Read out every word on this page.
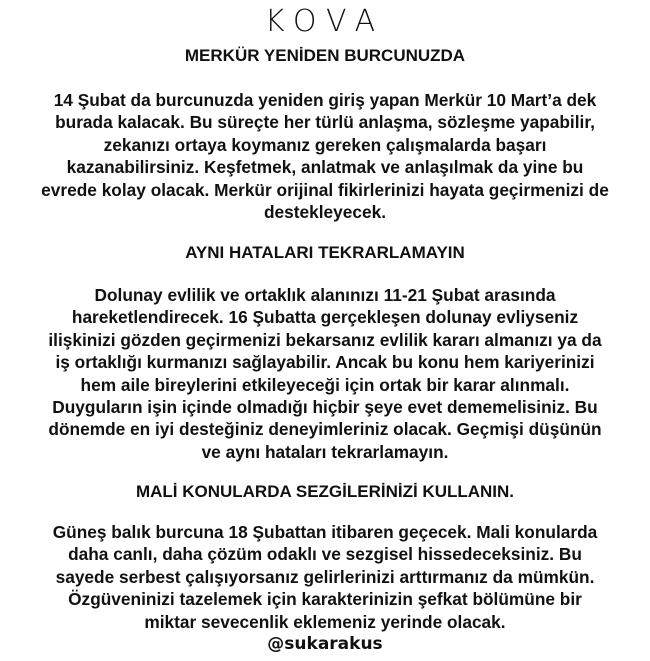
KOVA
MERKÜR YENİDEN BURCUNUZDA
14 Şubat da burcunuzda yeniden giriş yapan Merkür 10 Mart’a dek
burada kalacak. Bu süreçte her türlü anlaşma, sözleşme yapabilir,
zekanızı ortaya koymanız gereken çalışmalarda başarı
kazanabilirsiniz. Keşfetmek, anlatmak ve anlaşılmak da yine bu
evrede kolay olacak. Merkür orijinal fikirlerinizi hayata geçirmenizi de
destekleyecek.
AYNI HATALARI TEKRARLAMAYIN
Dolunay evlilik ve ortaklık alanınızı 11-21 Şubat arasında
hareketlendirecek. 16 Şubatta gerçekleşen dolunay evliyseniz
ilişkinizi gözden geçirmenizi bekarsanız evlilik kararı almanızı ya da
iş ortaklığı kurmanızı sağlayabilir. Ancak bu konu hem kariyerinizi
hem aile bireylerini etkileyeceği için ortak bir karar alınmalı.
Duyguların işin içinde olmadığı hiçbir şeye evet dememelisiniz. Bu
dönemde en iyi desteğiniz deneyimleriniz olacak. Geçmişi düşünün
ve aynı hataları tekrarlamayın.
MALİ KONULARDA SEZGİLERİNİZİ KULLANIN.
Güneş balık burcuna 18 Şubattan itibaren geçecek. Mali konularda
daha canlı, daha çözüm odaklı ve sezgisel hissedeceksiniz. Bu
sayede serbest çalışıyorsanız gelirlerinizi arttırmanız da mümkün.
Özgüveninizi tazelemek için karakterinizin şefkat bölümüne bir
miktar sevecenlik eklemeniz yerinde olacak.
@sukarakus
